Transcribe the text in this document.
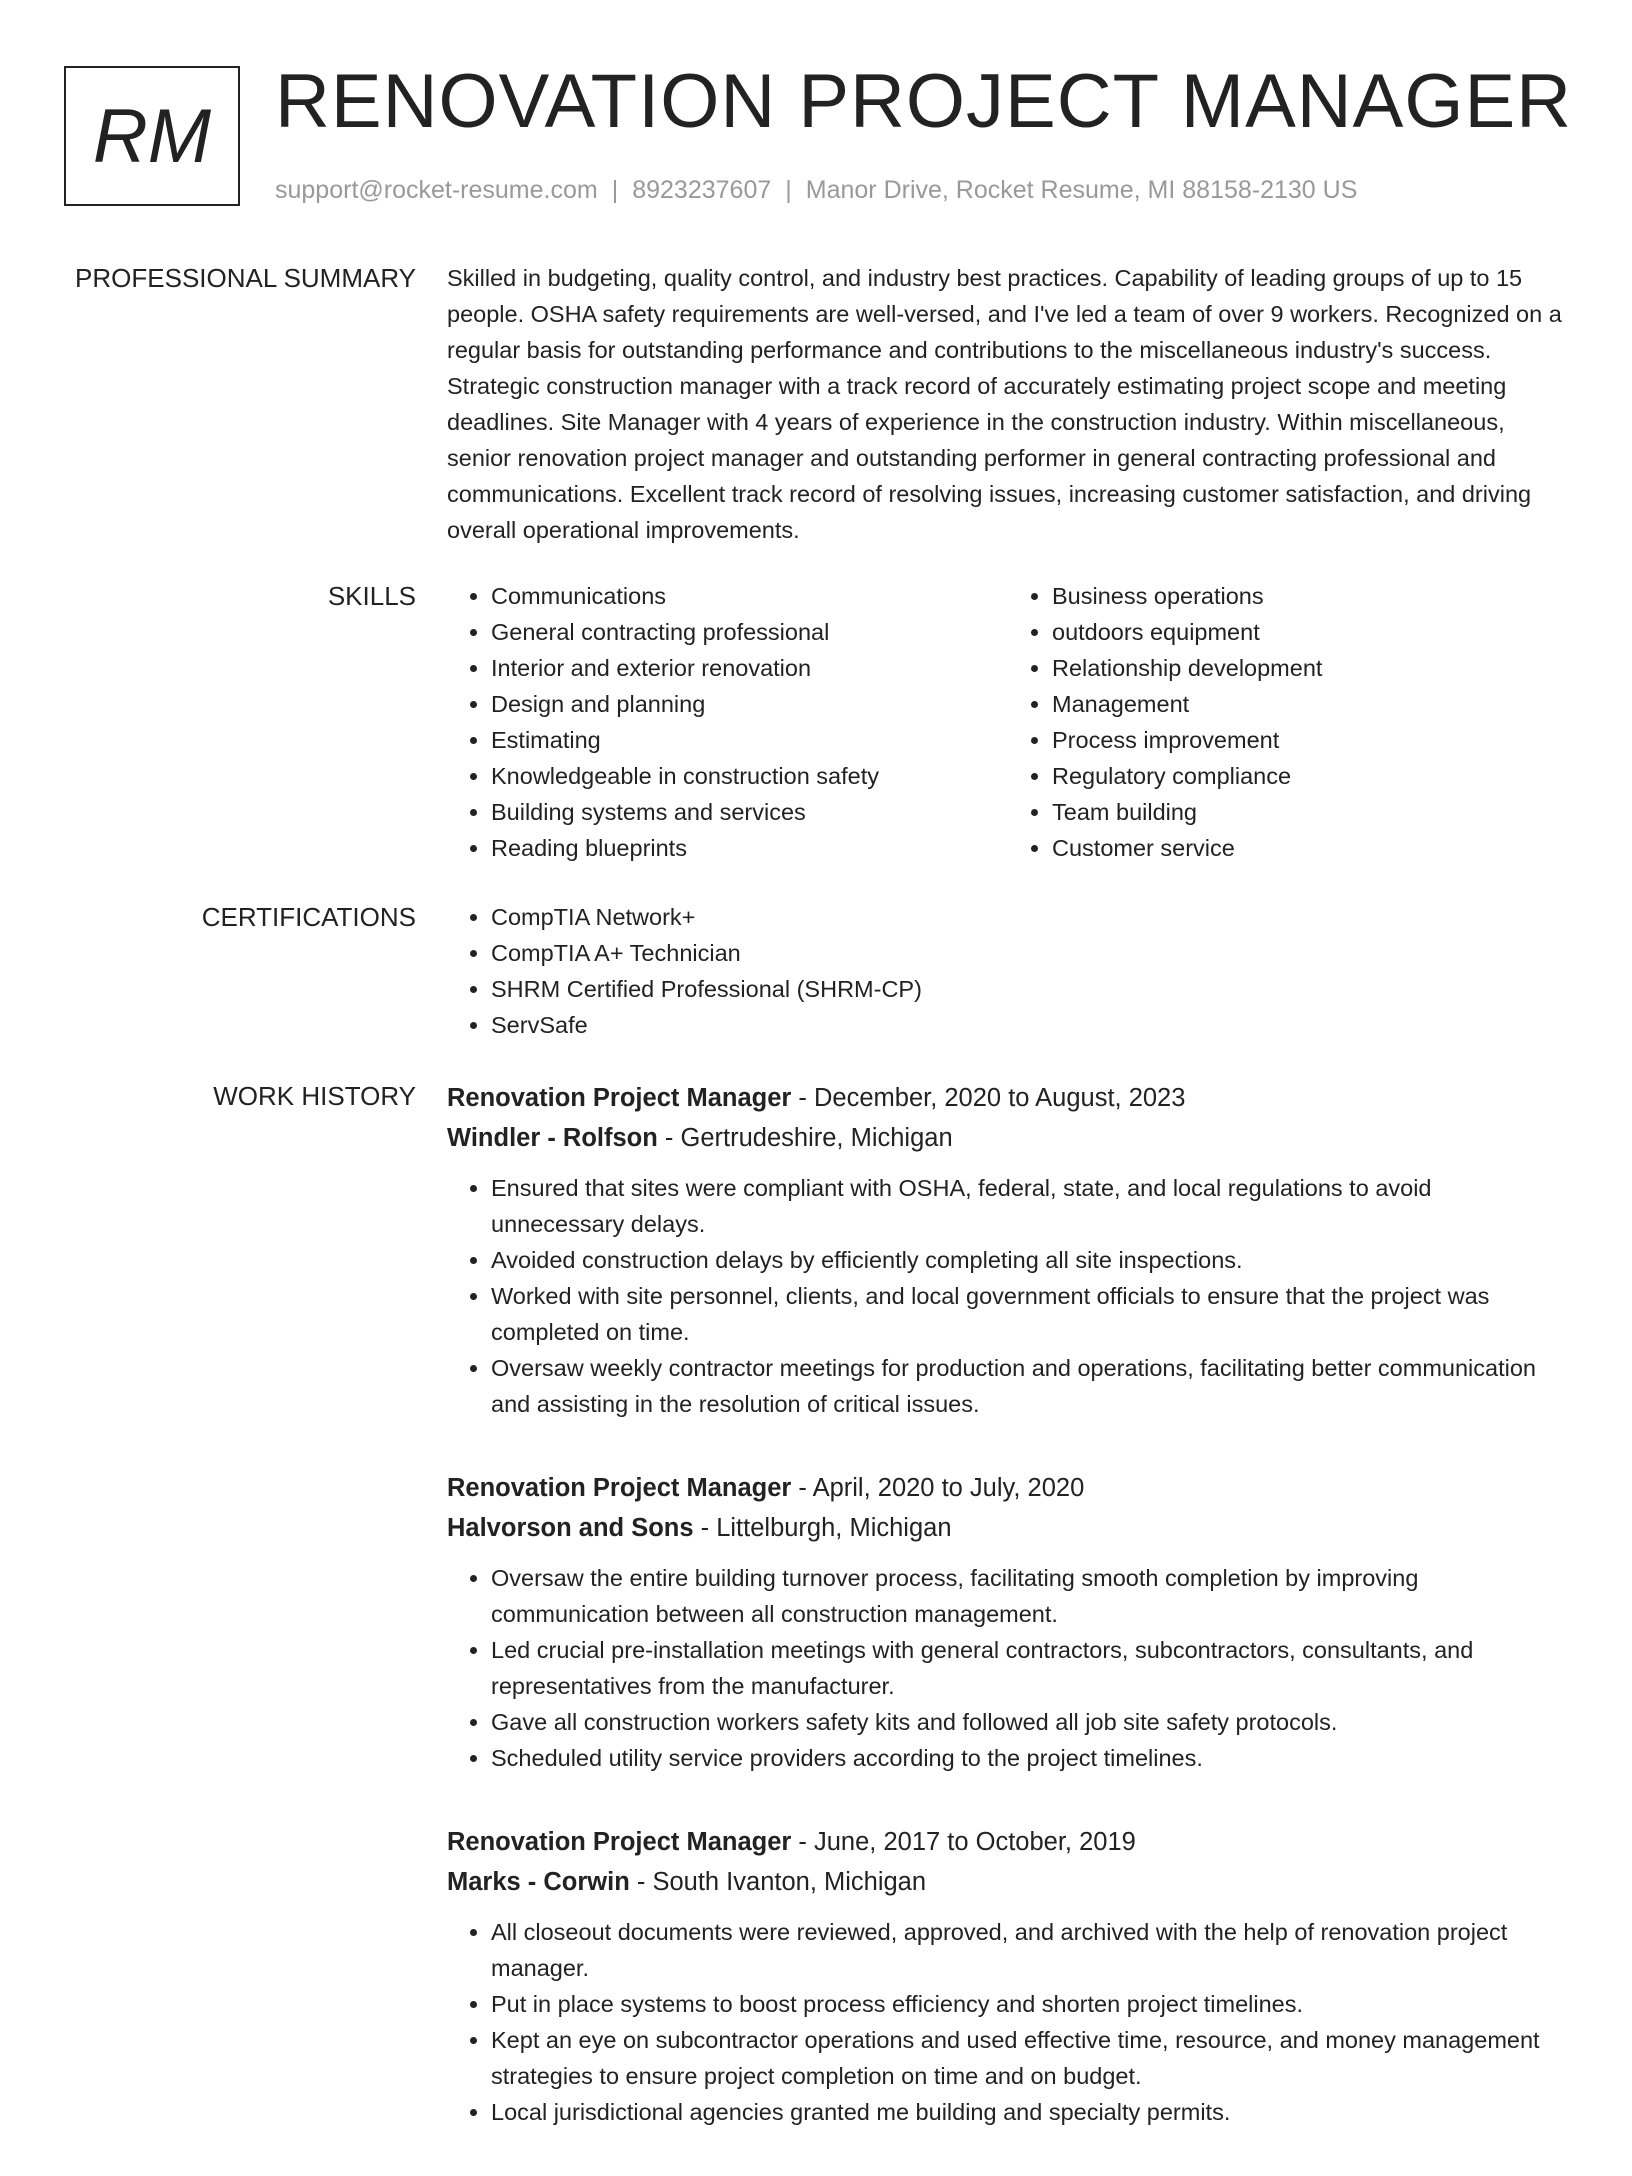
RM RENOVATION PROJECT MANAGER
support@rocket-resume.com | 8923237607 | Manor Drive, Rocket Resume, MI 88158-2130 US
PROFESSIONAL SUMMARY Skilled in budgeting, quality control, and industry best practices. Capability of leading groups of up to 15 people. OSHA safety requirements are well-versed, and I've led a team of over 9 workers. Recognized on a regular basis for outstanding performance and contributions to the miscellaneous industry's success. Strategic construction manager with a track record of accurately estimating project scope and meeting deadlines. Site Manager with 4 years of experience in the construction industry. Within miscellaneous, senior renovation project manager and outstanding performer in general contracting professional and communications. Excellent track record of resolving issues, increasing customer satisfaction, and driving overall operational improvements.

SKILLS	• Communications
• General contracting professional
• Interior and exterior renovation
• Design and planning
• Estimating
• Knowledgeable in construction safety
• Building systems and services
• Reading blueprints
• Business operations
• outdoors equipment
• Relationship development
• Management
• Process improvement
• Regulatory compliance
• Team building
• Customer service
CERTIFICATIONS	• CompTIA Network+
• CompTIA A+ Technician
• SHRM Certified Professional (SHRM-CP)
• ServSafe
WORK HISTORY Renovation Project Manager - December, 2020 to August, 2023
Windler - Rolfson - Gertrudeshire, Michigan
• Ensured that sites were compliant with OSHA, federal, state, and local regulations to avoid unnecessary delays.
• Avoided construction delays by efficiently completing all site inspections.
• Worked with site personnel, clients, and local government officials to ensure that the project was completed on time.
• Oversaw weekly contractor meetings for production and operations, facilitating better communication and assisting in the resolution of critical issues.
Renovation Project Manager - April, 2020 to July, 2020
Halvorson and Sons - Littelburgh, Michigan
• Oversaw the entire building turnover process, facilitating smooth completion by improving communication between all construction management.
• Led crucial pre-installation meetings with general contractors, subcontractors, consultants, and representatives from the manufacturer.
• Gave all construction workers safety kits and followed all job site safety protocols.
• Scheduled utility service providers according to the project timelines.
Renovation Project Manager - June, 2017 to October, 2019
Marks - Corwin - South Ivanton, Michigan
• All closeout documents were reviewed, approved, and archived with the help of renovation project manager.
• Put in place systems to boost process efficiency and shorten project timelines.
• Kept an eye on subcontractor operations and used effective time, resource, and money management strategies to ensure project completion on time and on budget.
• Local jurisdictional agencies granted me building and specialty permits.
